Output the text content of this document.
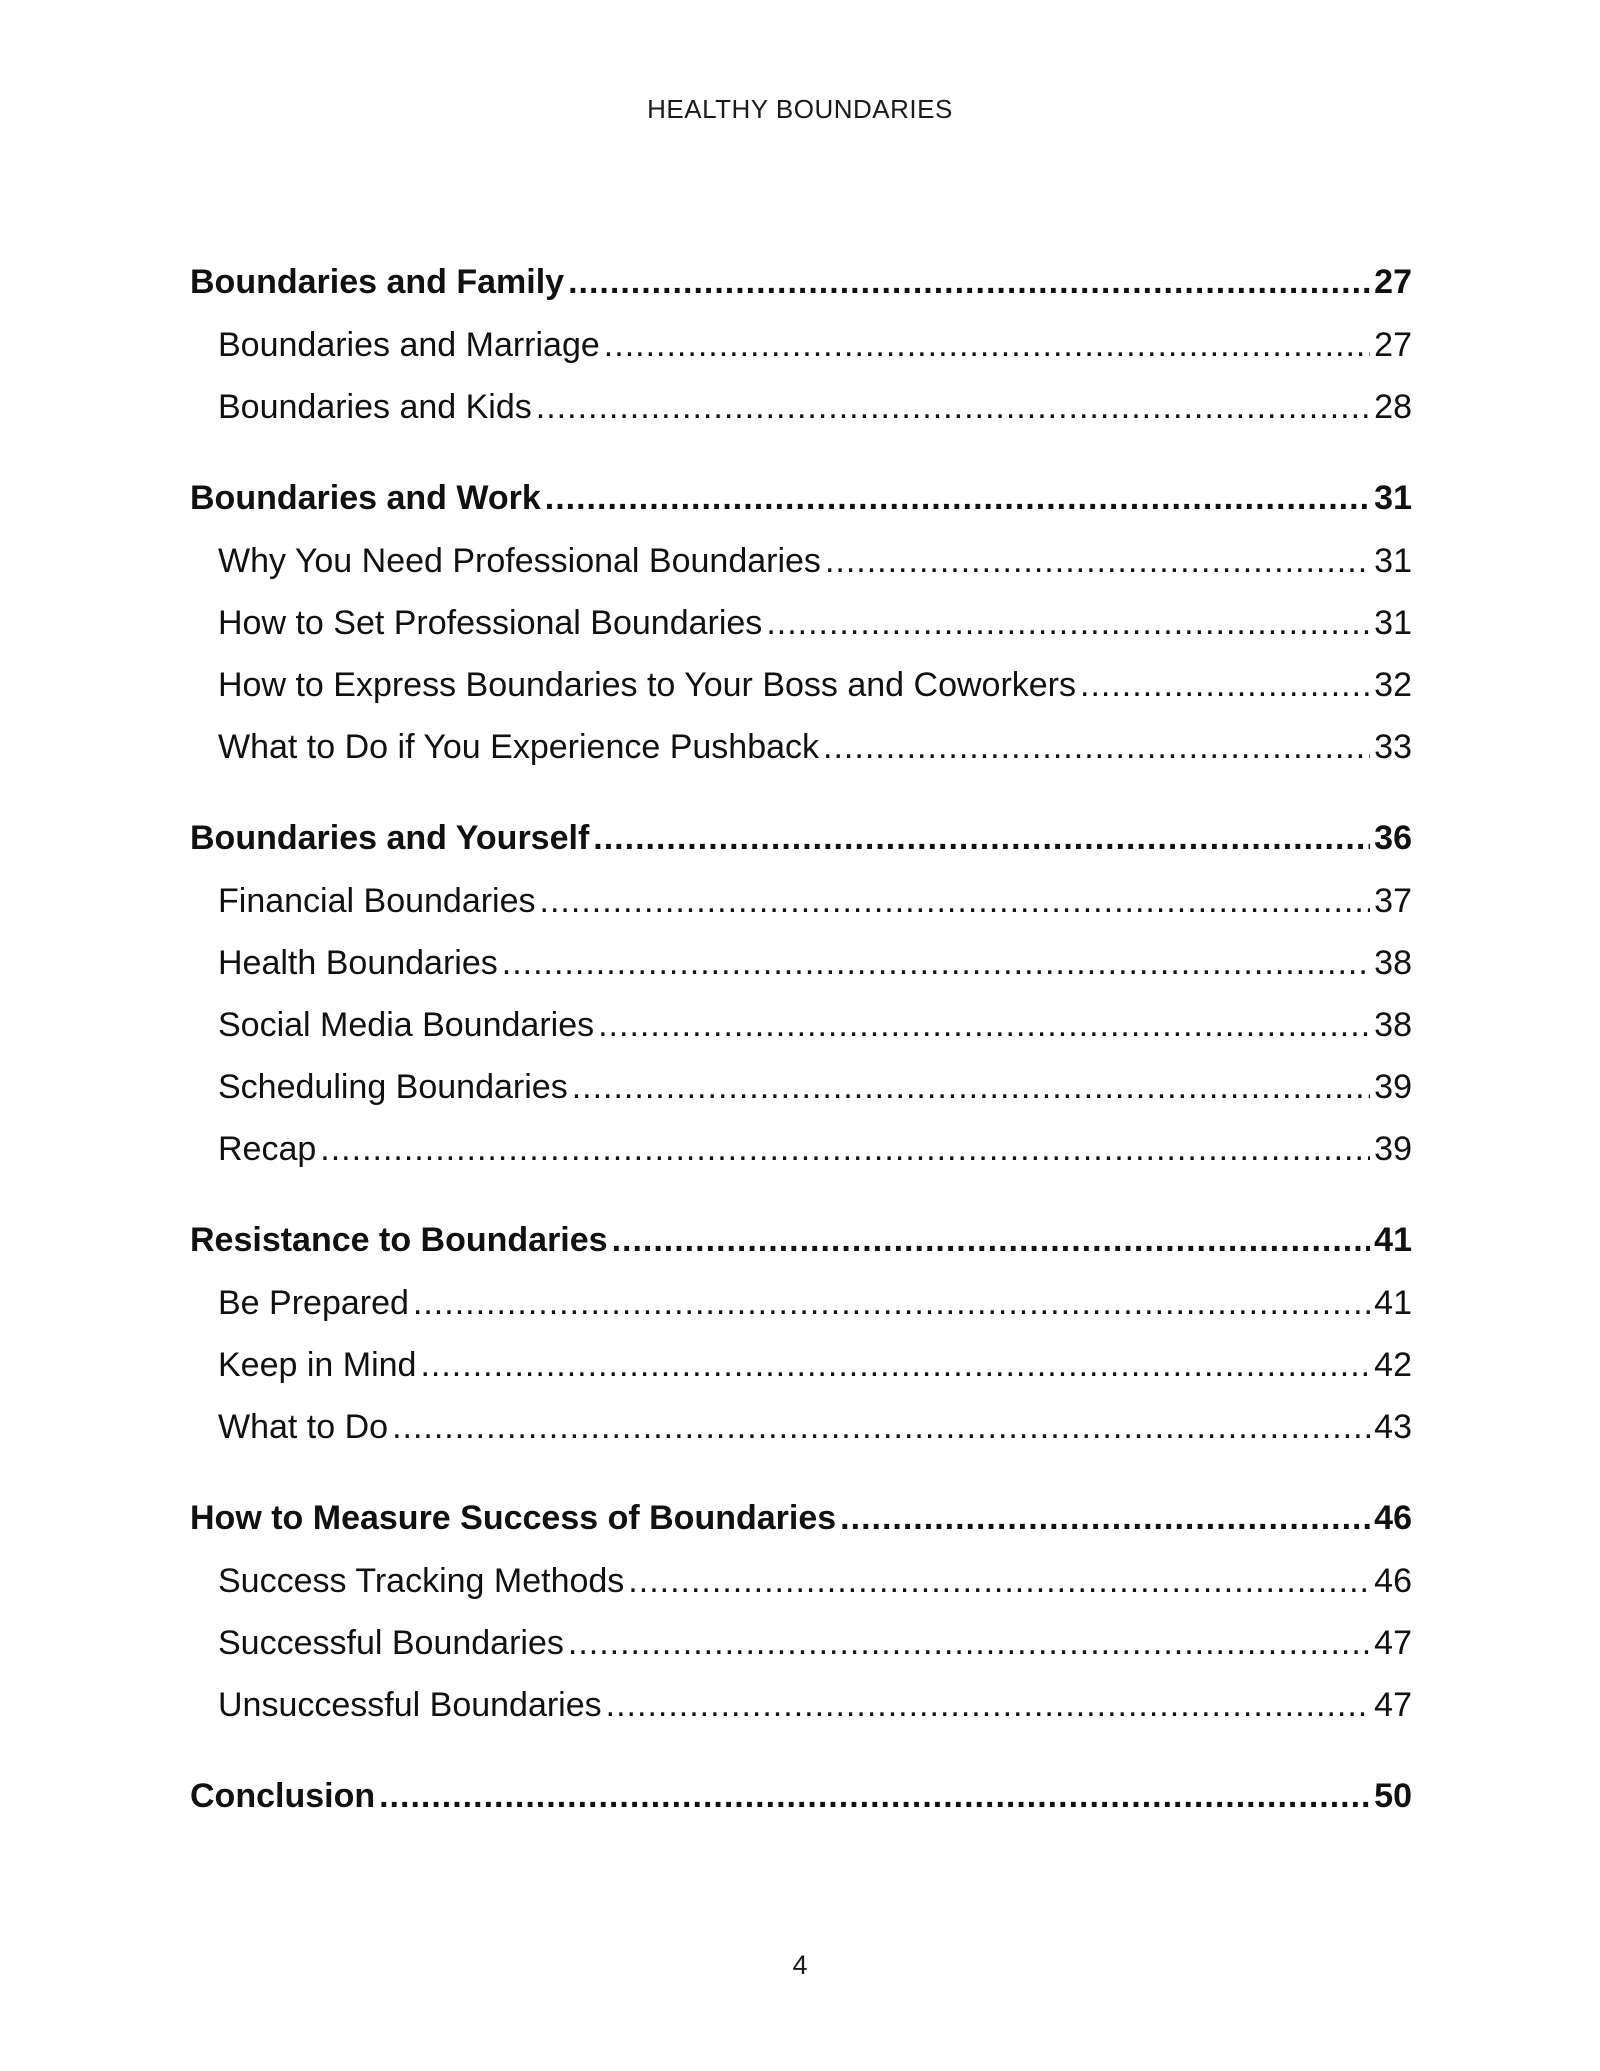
HEALTHY BOUNDARIES
Boundaries and Family .....	27
Boundaries and Marriage .....	27
Boundaries and Kids .....	28
Boundaries and Work .....	31
Why You Need Professional Boundaries .....	31
How to Set Professional Boundaries .....	31
How to Express Boundaries to Your Boss and Coworkers .....	32
What to Do if You Experience Pushback .....	33
Boundaries and Yourself .....	36
Financial Boundaries .....	37
Health Boundaries .....	38
Social Media Boundaries .....	38
Scheduling Boundaries .....	39
Recap .....	39
Resistance to Boundaries .....	41
Be Prepared .....	41
Keep in Mind .....	42
What to Do .....	43
How to Measure Success of Boundaries .....	46
Success Tracking Methods .....	46
Successful Boundaries .....	47
Unsuccessful Boundaries .....	47
Conclusion .....	50
4
